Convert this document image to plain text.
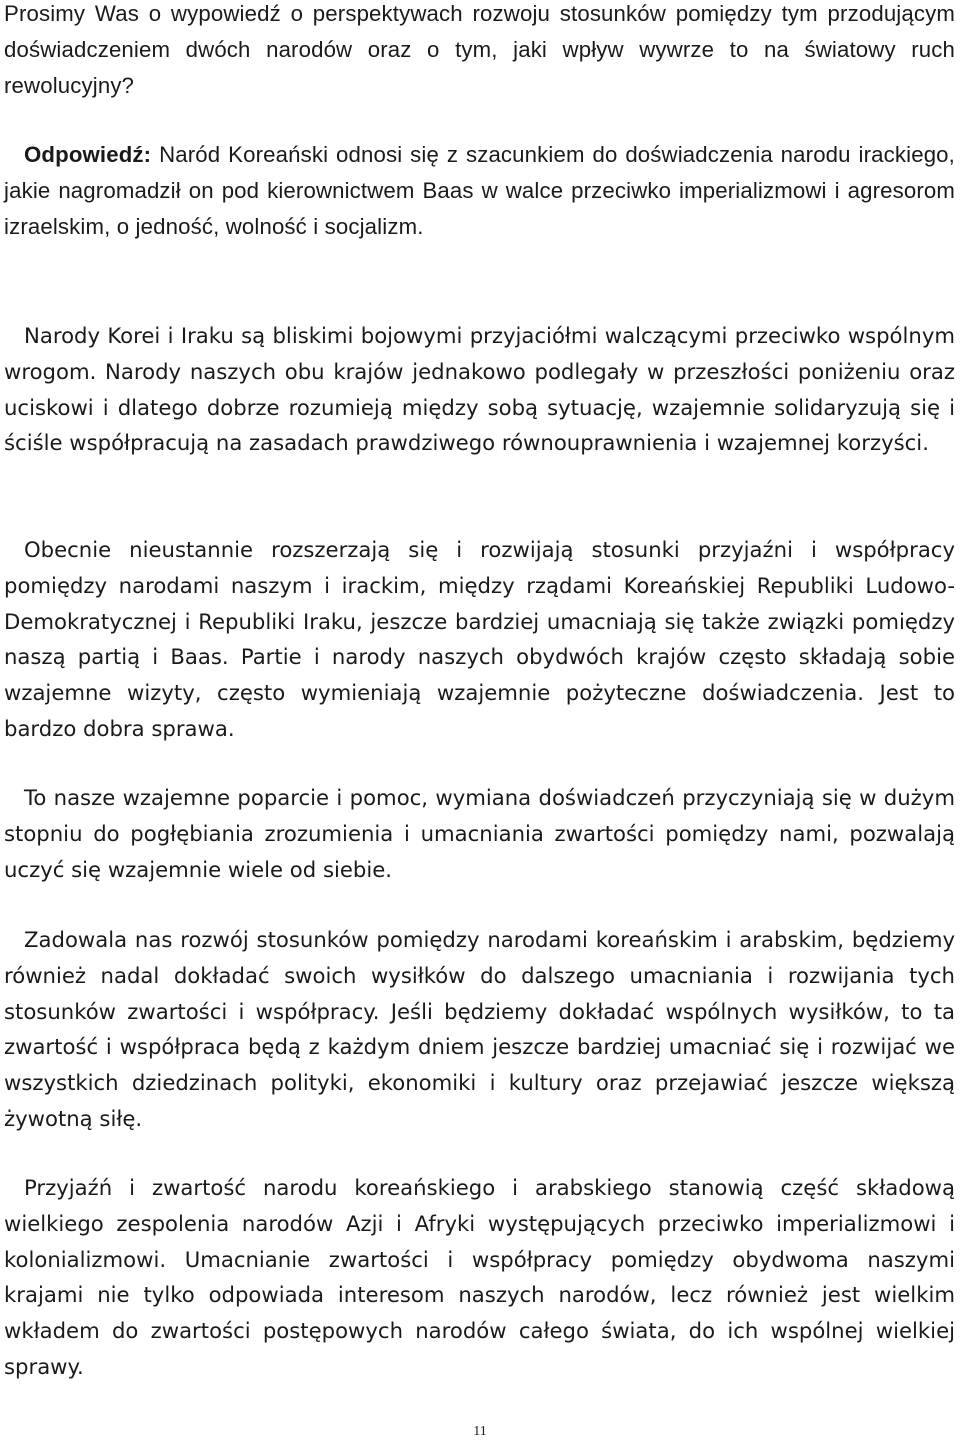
Prosimy Was o wypowiedź o perspektywach rozwoju stosunków pomiędzy tym przodującym doświadczeniem dwóch narodów oraz o tym, jaki wpływ wywrze to na światowy ruch rewolucyjny?

Odpowiedź: Naród Koreański odnosi się z szacunkiem do doświadczenia narodu irackiego, jakie nagromadził on pod kierownictwem Baas w walce przeciwko imperializmowi i agresorom izraelskim, o jedność, wolność i socjalizm.

Narody Korei i Iraku są bliskimi bojowymi przyjaciółmi walczącymi przeciwko wspólnym wrogom. Narody naszych obu krajów jednakowo podlegały w przeszłości poniżeniu oraz uciskowi i dlatego dobrze rozumieją między sobą sytuację, wzajemnie solidaryzują się i ściśle współpracują na zasadach prawdziwego równouprawnienia i wzajemnej korzyści.

Obecnie nieustannie rozszerzają się i rozwijają stosunki przyjaźni i współpracy pomiędzy narodami naszym i irackim, między rządami Koreańskiej Republiki Ludowo-Demokratycznej i Republiki Iraku, jeszcze bardziej umacniają się także związki pomiędzy naszą partią i Baas. Partie i narody naszych obydwóch krajów często składają sobie wzajemne wizyty, często wymieniają wzajemnie pożyteczne doświadczenia. Jest to bardzo dobra sprawa.

To nasze wzajemne poparcie i pomoc, wymiana doświadczeń przyczyniają się w dużym stopniu do pogłębiania zrozumienia i umacniania zwartości pomiędzy nami, pozwalają uczyć się wzajemnie wiele od siebie.

Zadowala nas rozwój stosunków pomiędzy narodami koreańskim i arabskim, będziemy również nadal dokładać swoich wysiłków do dalszego umacniania i rozwijania tych stosunków zwartości i współpracy. Jeśli będziemy dokładać wspólnych wysiłków, to ta zwartość i współpraca będą z każdym dniem jeszcze bardziej umacniać się i rozwijać we wszystkich dziedzinach polityki, ekonomiki i kultury oraz przejawiać jeszcze większą żywotną siłę.

Przyjaźń i zwartość narodu koreańskiego i arabskiego stanowią część składową wielkiego zespolenia narodów Azji i Afryki występujących przeciwko imperializmowi i kolonializmowi. Umacnianie zwartości i współpracy pomiędzy obydwoma naszymi krajami nie tylko odpowiada interesom naszych narodów, lecz również jest wielkim wkładem do zwartości postępowych narodów całego świata, do ich wspólnej wielkiej sprawy.

11
